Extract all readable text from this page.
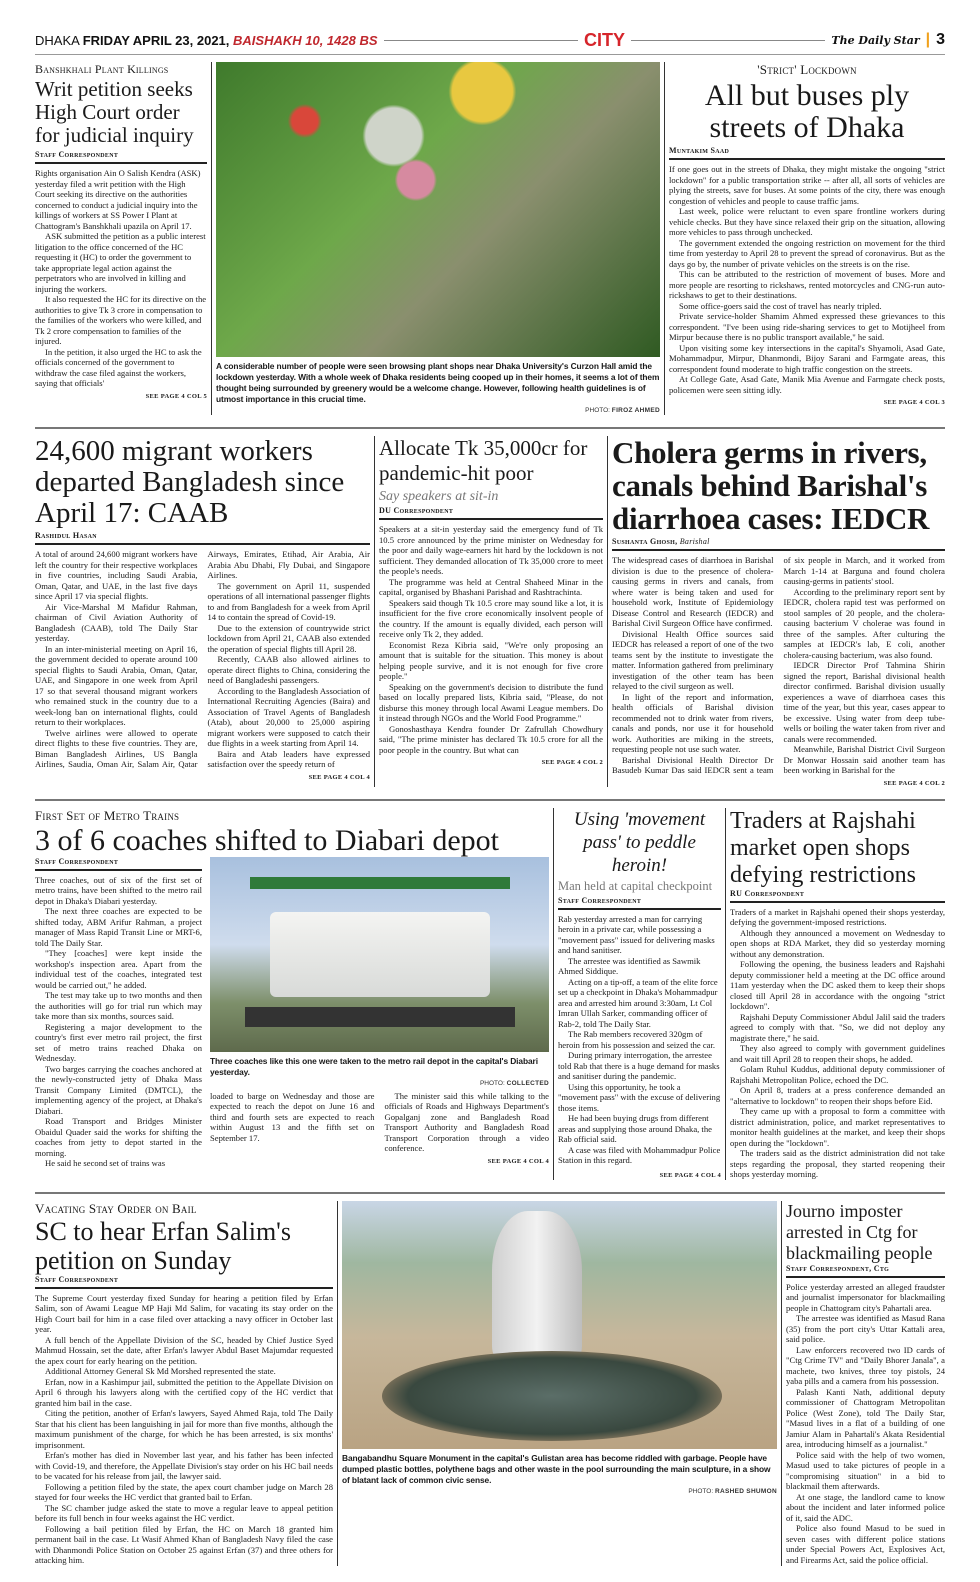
DHAKA FRIDAY APRIL 23, 2021, BAISHAKH 10, 1428 BS	CITY	The Daily Star | 3
Banshkhali Plant Killings
Writ petition seeks High Court order for judicial inquiry
Staff Correspondent

Rights organisation Ain O Salish Kendra (ASK) yesterday filed a writ petition with the High Court seeking its directive on the authorities concerned to conduct a judicial inquiry into the killings of workers at SS Power I Plant at Chattogram's Banshkhali upazila on April 17.

ASK submitted the petition as a public interest litigation to the office concerned of the HC requesting it (HC) to order the government to take appropriate legal action against the perpetrators who are involved in killing and injuring the workers.

It also requested the HC for its directive on the authorities to give Tk 3 crore in compensation to the families of the workers who were killed, and Tk 2 crore compensation to families of the injured.

In the petition, it also urged the HC to ask the officials concerned of the government to withdraw the case filed against the workers, saying that officials'

SEE PAGE 4 COL 5
A considerable number of people were seen browsing plant shops near Dhaka University's Curzon Hall amid the lockdown yesterday. With a whole week of Dhaka residents being cooped up in their homes, it seems a lot of them thought being surrounded by greenery would be a welcome change. However, following health guidelines is of utmost importance in this crucial time.
PHOTO: FIROZ AHMED
'Strict' Lockdown
All but buses ply streets of Dhaka
Muntakim Saad

If one goes out in the streets of Dhaka, they might mistake the ongoing "strict lockdown" for a public transportation strike -- after all, all sorts of vehicles are plying the streets, save for buses. At some points of the city, there was enough congestion of vehicles and people to cause traffic jams.

Last week, police were reluctant to even spare frontline workers during vehicle checks. But they have since relaxed their grip on the situation, allowing more vehicles to pass through unchecked.

The government extended the ongoing restriction on movement for the third time from yesterday to April 28 to prevent the spread of coronavirus. But as the days go by, the number of private vehicles on the streets is on the rise.

This can be attributed to the restriction of movement of buses. More and more people are resorting to rickshaws, rented motorcycles and CNG-run auto-rickshaws to get to their destinations.

Some office-goers said the cost of travel has nearly tripled.

Private service-holder Shamim Ahmed expressed these grievances to this correspondent. "I've been using ride-sharing services to get to Motijheel from Mirpur because there is no public transport available," he said.

Upon visiting some key intersections in the capital's Shyamoli, Asad Gate, Mohammadpur, Mirpur, Dhanmondi, Bijoy Sarani and Farmgate areas, this correspondent found moderate to high traffic congestion on the streets.

At College Gate, Asad Gate, Manik Mia Avenue and Farmgate check posts, policemen were seen sitting idly.

SEE PAGE 4 COL 3
24,600 migrant workers departed Bangladesh since April 17: CAAB
Rashidul Hasan

A total of around 24,600 migrant workers have left the country for their respective workplaces in five countries, including Saudi Arabia, Oman, Qatar, and UAE, in the last five days since April 17 via special flights.

Air Vice-Marshal M Mafidur Rahman, chairman of Civil Aviation Authority of Bangladesh (CAAB), told The Daily Star yesterday.

In an inter-ministerial meeting on April 16, the government decided to operate around 100 special flights to Saudi Arabia, Oman, Qatar, UAE, and Singapore in one week from April 17 so that several thousand migrant workers who remained stuck in the country due to a week-long ban on international flights, could return to their workplaces.

Twelve airlines were allowed to operate direct flights to these five countries. They are, Biman Bangladesh Airlines, US Bangla Airlines, Saudia, Oman Air, Salam Air, Qatar Airways, Emirates, Etihad, Air Arabia, Air Arabia Abu Dhabi, Fly Dubai, and Singapore Airlines.

The government on April 11, suspended operations of all international passenger flights to and from Bangladesh for a week from April 14 to contain the spread of Covid-19.

Due to the extension of countrywide strict lockdown from April 21, CAAB also extended the operation of special flights till April 28.

Recently, CAAB also allowed airlines to operate direct flights to China, considering the need of Bangladeshi passengers.

According to the Bangladesh Association of International Recruiting Agencies (Baira) and Association of Travel Agents of Bangladesh (Atab), about 20,000 to 25,000 aspiring migrant workers were supposed to catch their due flights in a week starting from April 14.

Baira and Atab leaders have expressed satisfaction over the speedy return of

SEE PAGE 4 COL 4
Allocate Tk 35,000cr for pandemic-hit poor
Say speakers at sit-in
DU Correspondent

Speakers at a sit-in yesterday said the emergency fund of Tk 10.5 crore announced by the prime minister on Wednesday for the poor and daily wage-earners hit hard by the lockdown is not sufficient. They demanded allocation of Tk 35,000 crore to meet the people's needs.

The programme was held at Central Shaheed Minar in the capital, organised by Bhashani Parishad and Rashtrachinta.

Speakers said though Tk 10.5 crore may sound like a lot, it is insufficient for the five crore economically insolvent people of the country. If the amount is equally divided, each person will receive only Tk 2, they added.

Economist Reza Kibria said, "We're only proposing an amount that is suitable for the situation. This money is about helping people survive, and it is not enough for five crore people."

Speaking on the government's decision to distribute the fund based on locally prepared lists, Kibria said, "Please, do not disburse this money through local Awami League members. Do it instead through NGOs and the World Food Programme."

Gonoshasthaya Kendra founder Dr Zafrullah Chowdhury said, "The prime minister has declared Tk 10.5 crore for all the poor people in the country. But what can

SEE PAGE 4 COL 2
Cholera germs in rivers, canals behind Barishal's diarrhoea cases: IEDCR
Sushanta Ghosh, Barishal

The widespread cases of diarrhoea in Barishal division is due to the presence of cholera-causing germs in rivers and canals, from where water is being taken and used for household work, Institute of Epidemiology Disease Control and Research (IEDCR) and Barishal Civil Surgeon Office have confirmed.

Divisional Health Office sources said IEDCR has released a report of one of the two teams sent by the institute to investigate the matter. Information gathered from preliminary investigation of the other team has been relayed to the civil surgeon as well.

In light of the report and information, health officials of Barishal division recommended not to drink water from rivers, canals and ponds, nor use it for household work. Authorities are miking in the streets, requesting people not use such water.

Barishal Divisional Health Director Dr Basudeb Kumar Das said IEDCR sent a team of six people in March, and it worked from March 1-14 at Barguna and found cholera causing-germs in patients' stool.

According to the preliminary report sent by IEDCR, cholera rapid test was performed on stool samples of 20 people, and the cholera-causing bacterium V cholerae was found in three of the samples. After culturing the samples at IEDCR's lab, E coli, another cholera-causing bacterium, was also found.

IEDCR Director Prof Tahmina Shirin signed the report, Barishal divisional health director confirmed. Barishal division usually experiences a wave of diarrhoea cases this time of the year, but this year, cases appear to be excessive. Using water from deep tube-wells or boiling the water taken from river and canals were recommended.

Meanwhile, Barishal District Civil Surgeon Dr Monwar Hossain said another team has been working in Barishal for the

SEE PAGE 4 COL 2
First Set of Metro Trains
3 of 6 coaches shifted to Diabari depot
Staff Correspondent

Three coaches, out of six of the first set of metro trains, have been shifted to the metro rail depot in Dhaka's Diabari yesterday.

The next three coaches are expected to be shifted today, ABM Arifur Rahman, a project manager of Mass Rapid Transit Line or MRT-6, told The Daily Star.

"They [coaches] were kept inside the workshop's inspection area. Apart from the individual test of the coaches, integrated test would be carried out," he added.

The test may take up to two months and then the authorities will go for trial run which may take more than six months, sources said.

Registering a major development to the country's first ever metro rail project, the first set of metro trains reached Dhaka on Wednesday.

Two barges carrying the coaches anchored at the newly-constructed jetty of Dhaka Mass Transit Company Limited (DMTCL), the implementing agency of the project, at Dhaka's Diabari.

Road Transport and Bridges Minister Obaidul Quader said the works for shifting the coaches from jetty to depot started in the morning.

He said he second set of trains was

Three coaches like this one were taken to the metro rail depot in the capital's Diabari yesterday.
PHOTO: COLLECTED

loaded to barge on Wednesday and those are expected to reach the depot on June 16 and third and fourth sets are expected to reach within August 13 and the fifth set on September 17.

The minister said this while talking to the officials of Roads and Highways Department's Gopalganj zone and Bangladesh Road Transport Authority and Bangladesh Road Transport Corporation through a video conference.

SEE PAGE 4 COL 4
Using 'movement pass' to peddle heroin!
Man held at capital checkpoint
Staff Correspondent

Rab yesterday arrested a man for carrying heroin in a private car, while possessing a "movement pass" issued for delivering masks and hand sanitiser.

The arrestee was identified as Sawmik Ahmed Siddique.

Acting on a tip-off, a team of the elite force set up a checkpoint in Dhaka's Mohammadpur area and arrested him around 3:30am, Lt Col Imran Ullah Sarker, commanding officer of Rab-2, told The Daily Star.

The Rab members recovered 320gm of heroin from his possession and seized the car.

During primary interrogation, the arrestee told Rab that there is a huge demand for masks and sanitiser during the pandemic.

Using this opportunity, he took a "movement pass" with the excuse of delivering those items.

He had been buying drugs from different areas and supplying those around Dhaka, the Rab official said.

A case was filed with Mohammadpur Police Station in this regard.

SEE PAGE 4 COL 4
Traders at Rajshahi market open shops defying restrictions
RU Correspondent

Traders of a market in Rajshahi opened their shops yesterday, defying the government-imposed restrictions.

Although they announced a movement on Wednesday to open shops at RDA Market, they did so yesterday morning without any demonstration.

Following the opening, the business leaders and Rajshahi deputy commissioner held a meeting at the DC office around 11am yesterday when the DC asked them to keep their shops closed till April 28 in accordance with the ongoing "strict lockdown".

Rajshahi Deputy Commissioner Abdul Jalil said the traders agreed to comply with that. "So, we did not deploy any magistrate there," he said.

They also agreed to comply with government guidelines and wait till April 28 to reopen their shops, he added.

Golam Ruhul Kuddus, additional deputy commissioner of Rajshahi Metropolitan Police, echoed the DC.

On April 8, traders at a press conference demanded an "alternative to lockdown" to reopen their shops before Eid.

They came up with a proposal to form a committee with district administration, police, and market representatives to monitor health guidelines at the market, and keep their shops open during the "lockdown".

The traders said as the district administration did not take steps regarding the proposal, they started reopening their shops yesterday morning.

Vacating Stay Order on Bail
SC to hear Erfan Salim's petition on Sunday
Staff Correspondent

The Supreme Court yesterday fixed Sunday for hearing a petition filed by Erfan Salim, son of Awami League MP Haji Md Salim, for vacating its stay order on the High Court bail for him in a case filed over attacking a navy officer in October last year.

A full bench of the Appellate Division of the SC, headed by Chief Justice Syed Mahmud Hossain, set the date, after Erfan's lawyer Abdul Baset Majumdar requested the apex court for early hearing on the petition.

Additional Attorney General Sk Md Morshed represented the state.

Erfan, now in a Kashimpur jail, submitted the petition to the Appellate Division on April 6 through his lawyers along with the certified copy of the HC verdict that granted him bail in the case.

Citing the petition, another of Erfan's lawyers, Sayed Ahmed Raja, told The Daily Star that his client has been languishing in jail for more than five months, although the maximum punishment of the charge, for which he has been arrested, is six months' imprisonment.

Erfan's mother has died in November last year, and his father has been infected with Covid-19, and therefore, the Appellate Division's stay order on his HC bail needs to be vacated for his release from jail, the lawyer said.

Following a petition filed by the state, the apex court chamber judge on March 28 stayed for four weeks the HC verdict that granted bail to Erfan.

The SC chamber judge asked the state to move a regular leave to appeal petition before its full bench in four weeks against the HC verdict.

Following a bail petition filed by Erfan, the HC on March 18 granted him permanent bail in the case. Lt Wasif Ahmed Khan of Bangladesh Navy filed the case with Dhanmondi Police Station on October 25 against Erfan (37) and three others for attacking him.

Bangabandhu Square Monument in the capital's Gulistan area has become riddled with garbage. People have dumped plastic bottles, polythene bags and other waste in the pool surrounding the main sculpture, in a show of blatant lack of common civic sense.
PHOTO: RASHED SHUMON
Journo imposter arrested in Ctg for blackmailing people
Staff Correspondent, Ctg

Police yesterday arrested an alleged fraudster and journalist impersonator for blackmailing people in Chattogram city's Pahartali area.

The arrestee was identified as Masud Rana (35) from the port city's Uttar Kattali area, said police.

Law enforcers recovered two ID cards of "Ctg Crime TV" and "Daily Bhorer Janala", a machete, two knives, three toy pistols, 24 yaba pills and a camera from his possession.

Palash Kanti Nath, additional deputy commissioner of Chattogram Metropolitan Police (West Zone), told The Daily Star, "Masud lives in a flat of a building of one Jamiur Alam in Pahartali's Akata Residential area, introducing himself as a journalist."

Police said with the help of two women, Masud used to take pictures of people in a "compromising situation" in a bid to blackmail them afterwards.

At one stage, the landlord came to know about the incident and later informed police of it, said the ADC.

Police also found Masud to be sued in seven cases with different police stations under Special Powers Act, Explosives Act, and Firearms Act, said the police official.
